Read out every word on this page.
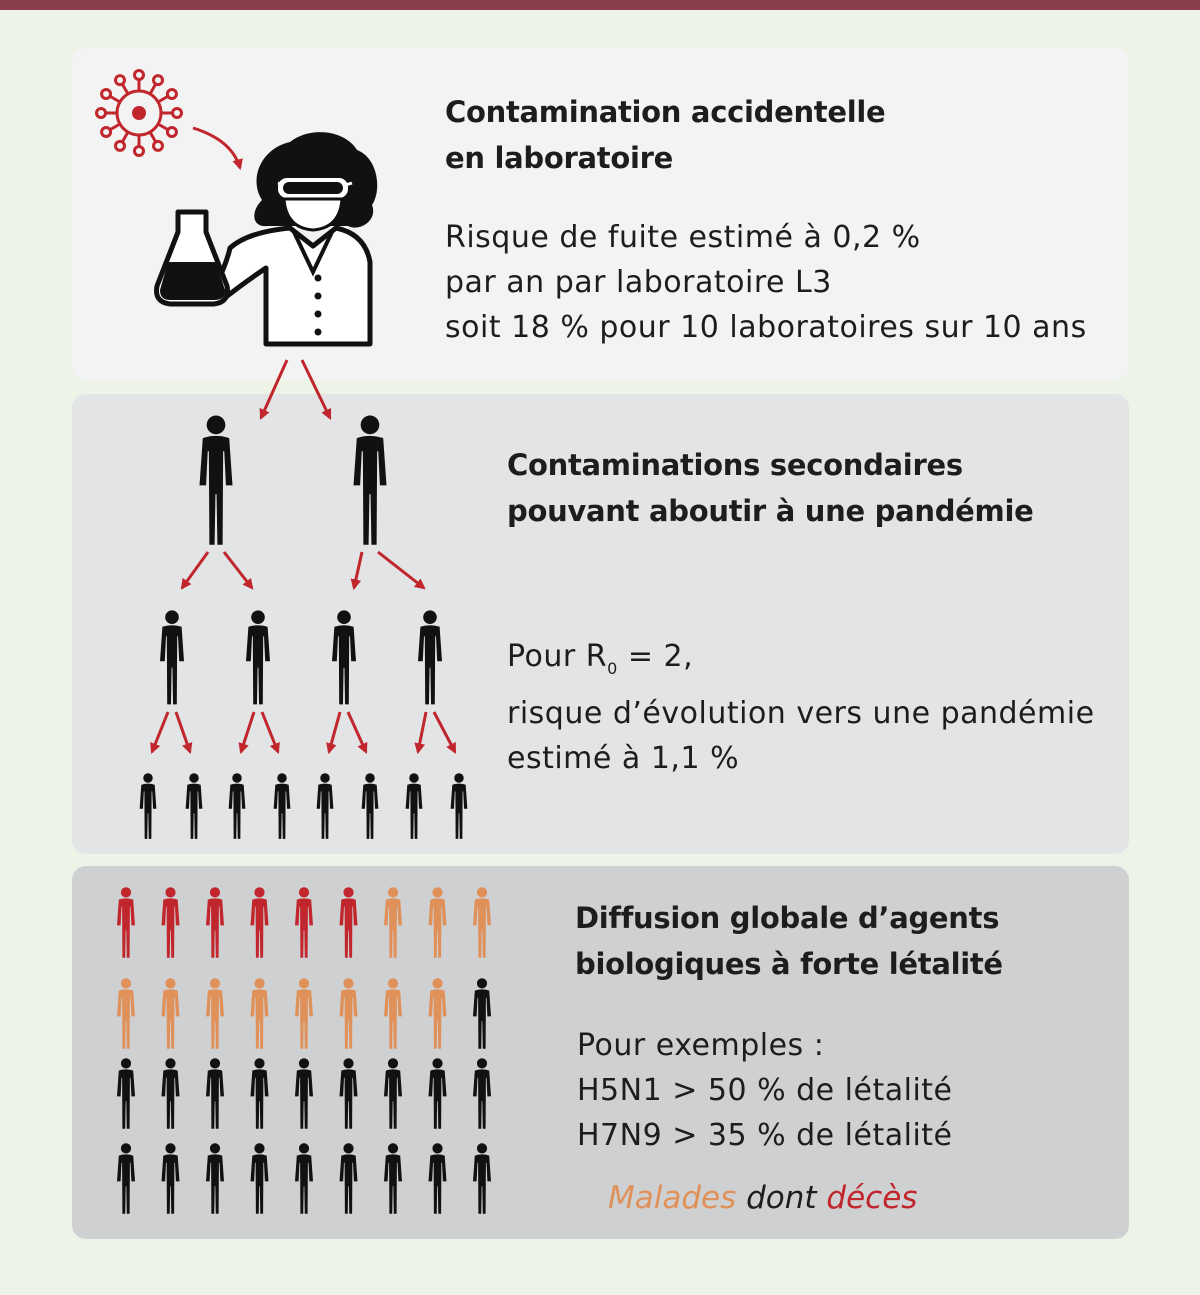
Contamination accidentelle
en laboratoire

Risque de fuite estimé à 0,2 %
par an par laboratoire L3
soit 18 % pour 10 laboratoires sur 10 ans

Contaminations secondaires
pouvant aboutir à une pandémie

Pour $R_0 = 2$,
risque d’évolution vers une pandémie
estimé à 1,1 %

Diffusion globale d’agents
biologiques à forte létalité

Pour exemples :
H5N1 > 50 % de létalité
H7N9 > 35 % de létalité

Malades dont décès
